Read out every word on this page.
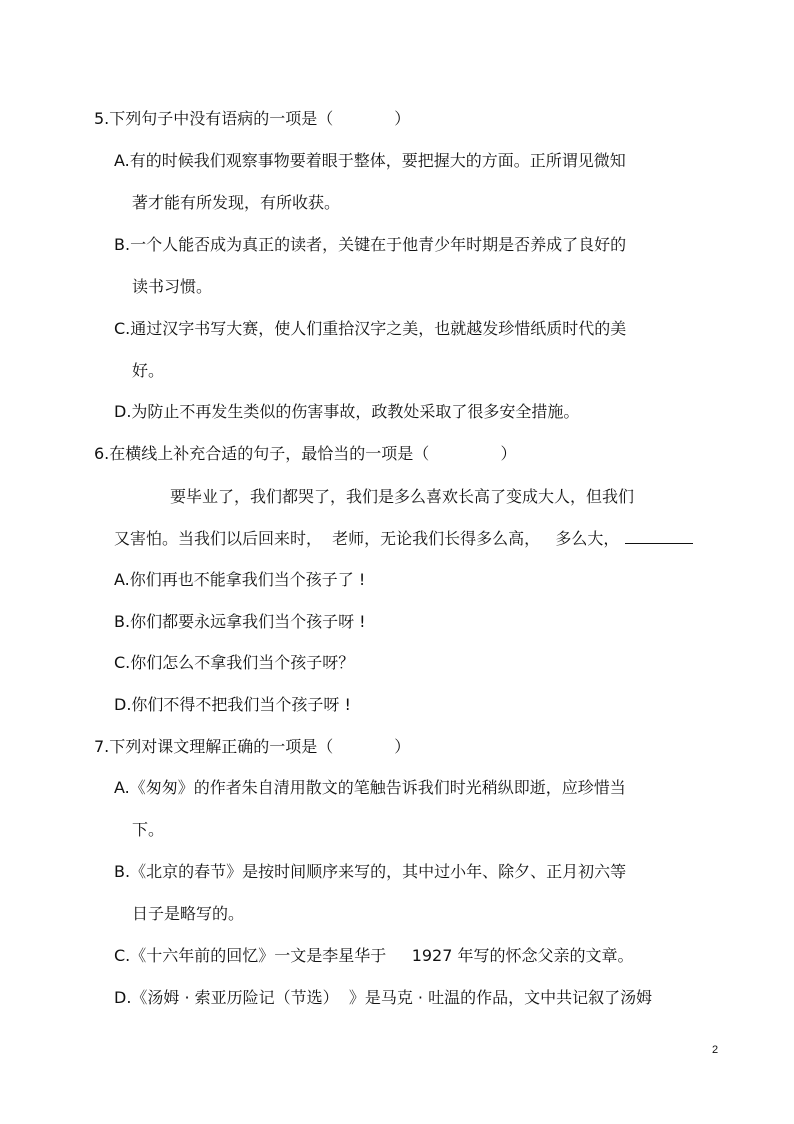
5.下列句子中没有语病的一项是（            ）
A.有的时候我们观察事物要着眼于整体，要把握大的方面。正所谓见微知
著才能有所发现，有所收获。
B.一个人能否成为真正的读者，关键在于他青少年时期是否养成了良好的
读书习惯。
C.通过汉字书写大赛，使人们重拾汉字之美，也就越发珍惜纸质时代的美
好。
D.为防止不再发生类似的伤害事故，政教处采取了很多安全措施。
6.在横线上补充合适的句子，最恰当的一项是（              ）
要毕业了，我们都哭了，我们是多么喜欢长高了变成大人，但我们
又害怕。当我们以后回来时，  老师，无论我们长得多么高，   多么大，
A.你们再也不能拿我们当个孩子了 !
B.你们都要永远拿我们当个孩子呀 !
C.你们怎么不拿我们当个孩子呀？
D.你们不得不把我们当个孩子呀 !
7.下列对课文理解正确的一项是（            ）
A.《匆匆》的作者朱自清用散文的笔触告诉我们时光稍纵即逝，应珍惜当
下。
B.《北京的春节》是按时间顺序来写的，其中过小年、除夕、正月初六等
日子是略写的。
C.《十六年前的回忆》一文是李星华于     1927 年写的怀念父亲的文章。
D.《汤姆 · 索亚历险记（节选）  》是马克 · 吐温的作品，文中共记叙了汤姆
2
